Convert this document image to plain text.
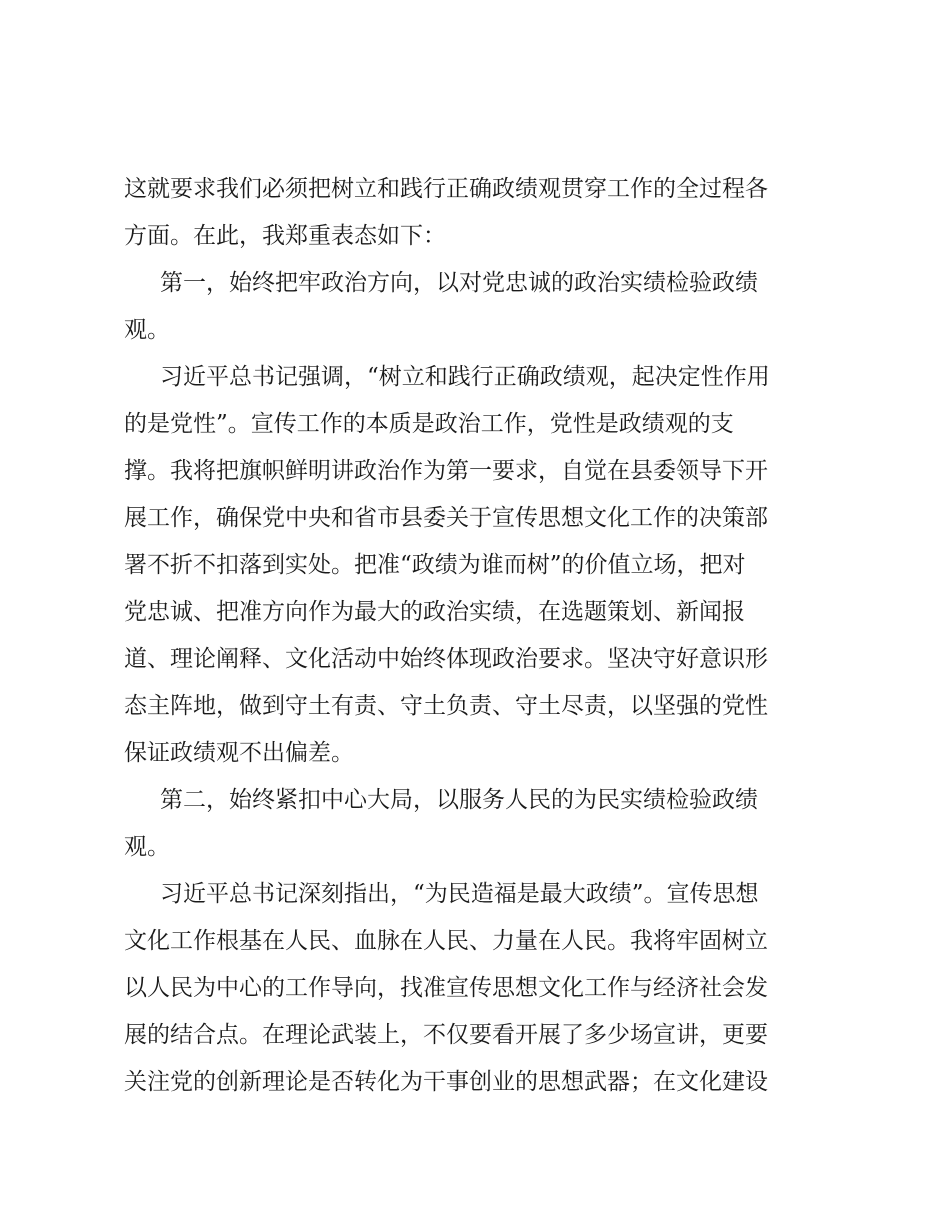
这就要求我们必须把树立和践行正确政绩观贯穿工作的全过程各
方面。在此，我郑重表态如下：
第一，始终把牢政治方向，以对党忠诚的政治实绩检验政绩
观。
习近平总书记强调，“树立和践行正确政绩观，起决定性作用
的是党性”。宣传工作的本质是政治工作，党性是政绩观的支
撑。我将把旗帜鲜明讲政治作为第一要求，自觉在县委领导下开
展工作，确保党中央和省市县委关于宣传思想文化工作的决策部
署不折不扣落到实处。把准“政绩为谁而树”的价值立场，把对
党忠诚、把准方向作为最大的政治实绩，在选题策划、新闻报
道、理论阐释、文化活动中始终体现政治要求。坚决守好意识形
态主阵地，做到守土有责、守土负责、守土尽责，以坚强的党性
保证政绩观不出偏差。
第二，始终紧扣中心大局，以服务人民的为民实绩检验政绩
观。
习近平总书记深刻指出，“为民造福是最大政绩”。宣传思想
文化工作根基在人民、血脉在人民、力量在人民。我将牢固树立
以人民为中心的工作导向，找准宣传思想文化工作与经济社会发
展的结合点。在理论武装上，不仅要看开展了多少场宣讲，更要
关注党的创新理论是否转化为干事创业的思想武器；在文化建设
